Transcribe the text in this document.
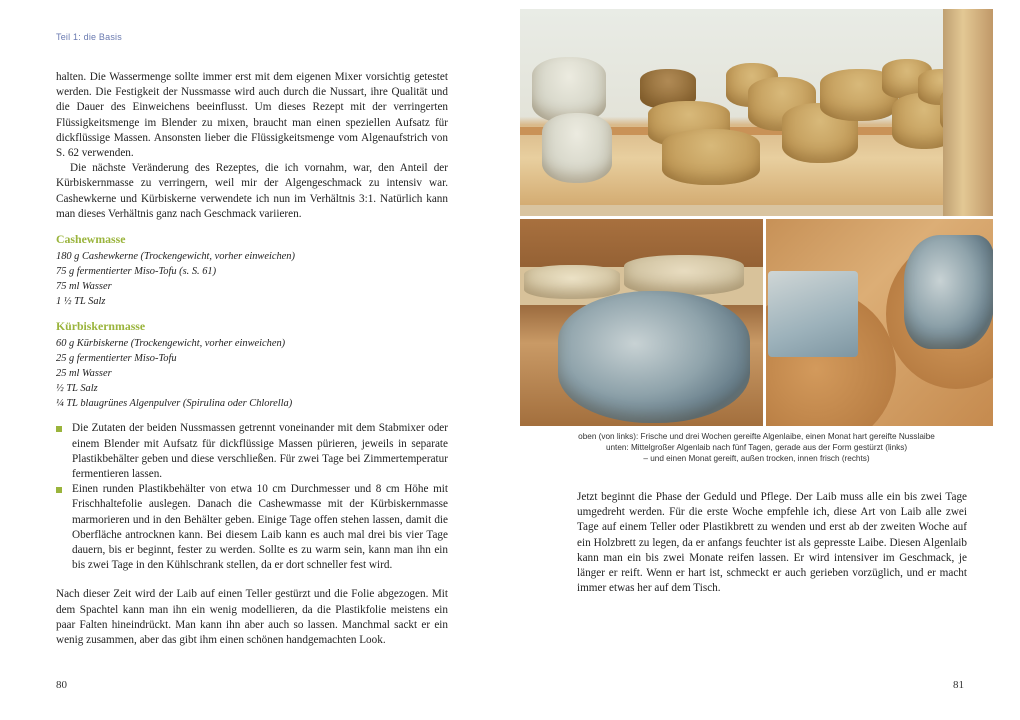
Teil 1: die Basis

halten. Die Wassermenge sollte immer erst mit dem eigenen Mixer vorsichtig getestet werden. Die Festigkeit der Nussmasse wird auch durch die Nussart, ihre Qualität und die Dauer des Einweichens beeinflusst. Um dieses Rezept mit der verringerten Flüssigkeitsmenge im Blender zu mixen, braucht man einen speziellen Aufsatz für dickflüssige Massen. Ansonsten lieber die Flüssigkeitsmenge vom Algenaufstrich von S. 62 verwenden.

Die nächste Veränderung des Rezeptes, die ich vornahm, war, den Anteil der Kürbiskernmasse zu verringern, weil mir der Algengeschmack zu intensiv war. Cashewkerne und Kürbiskerne verwendete ich nun im Verhältnis 3:1. Natürlich kann man dieses Verhältnis ganz nach Geschmack variieren.

Cashewmasse
180 g Cashewkerne (Trockengewicht, vorher einweichen)
75 g fermentierter Miso-Tofu (s. S. 61)
75 ml Wasser
1 ½ TL Salz
Kürbiskernmasse
60 g Kürbiskerne (Trockengewicht, vorher einweichen)
25 g fermentierter Miso-Tofu
25 ml Wasser
½ TL Salz
¼ TL blaugrünes Algenpulver (Spirulina oder Chlorella)
Die Zutaten der beiden Nussmassen getrennt voneinander mit dem Stabmixer oder einem Blender mit Aufsatz für dickflüssige Massen pürieren, jeweils in separate Plastikbehälter geben und diese verschließen. Für zwei Tage bei Zimmertemperatur fermentieren lassen.
Einen runden Plastikbehälter von etwa 10 cm Durchmesser und 8 cm Höhe mit Frischhaltefolie auslegen. Danach die Cashewmasse mit der Kürbiskernmasse marmorieren und in den Behälter geben. Einige Tage offen stehen lassen, damit die Oberfläche antrocknen kann. Bei diesem Laib kann es auch mal drei bis vier Tage dauern, bis er beginnt, fester zu werden. Sollte es zu warm sein, kann man ihn ein bis zwei Tage in den Kühlschrank stellen, da er dort schneller fest wird.

Nach dieser Zeit wird der Laib auf einen Teller gestürzt und die Folie abgezogen. Mit dem Spachtel kann man ihn ein wenig modellieren, da die Plastikfolie meistens ein paar Falten hineindrückt. Man kann ihn aber auch so lassen. Manchmal sackt er ein wenig zusammen, aber das gibt ihm einen schönen handgemachten Look.

80
oben (von links): Frische und drei Wochen gereifte Algenlaibe, einen Monat hart gereifte Nusslaibe
unten: Mittelgroßer Algenlaib nach fünf Tagen, gerade aus der Form gestürzt (links)
– und einen Monat gereift, außen trocken, innen frisch (rechts)

Jetzt beginnt die Phase der Geduld und Pflege. Der Laib muss alle ein bis zwei Tage umgedreht werden. Für die erste Woche empfehle ich, diese Art von Laib alle zwei Tage auf einem Teller oder Plastikbrett zu wenden und erst ab der zweiten Woche auf ein Holzbrett zu legen, da er anfangs feuchter ist als gepresste Laibe. Diesen Algenlaib kann man ein bis zwei Monate reifen lassen. Er wird intensiver im Geschmack, je länger er reift. Wenn er hart ist, schmeckt er auch gerieben vorzüglich, und er macht immer etwas her auf dem Tisch.

81
